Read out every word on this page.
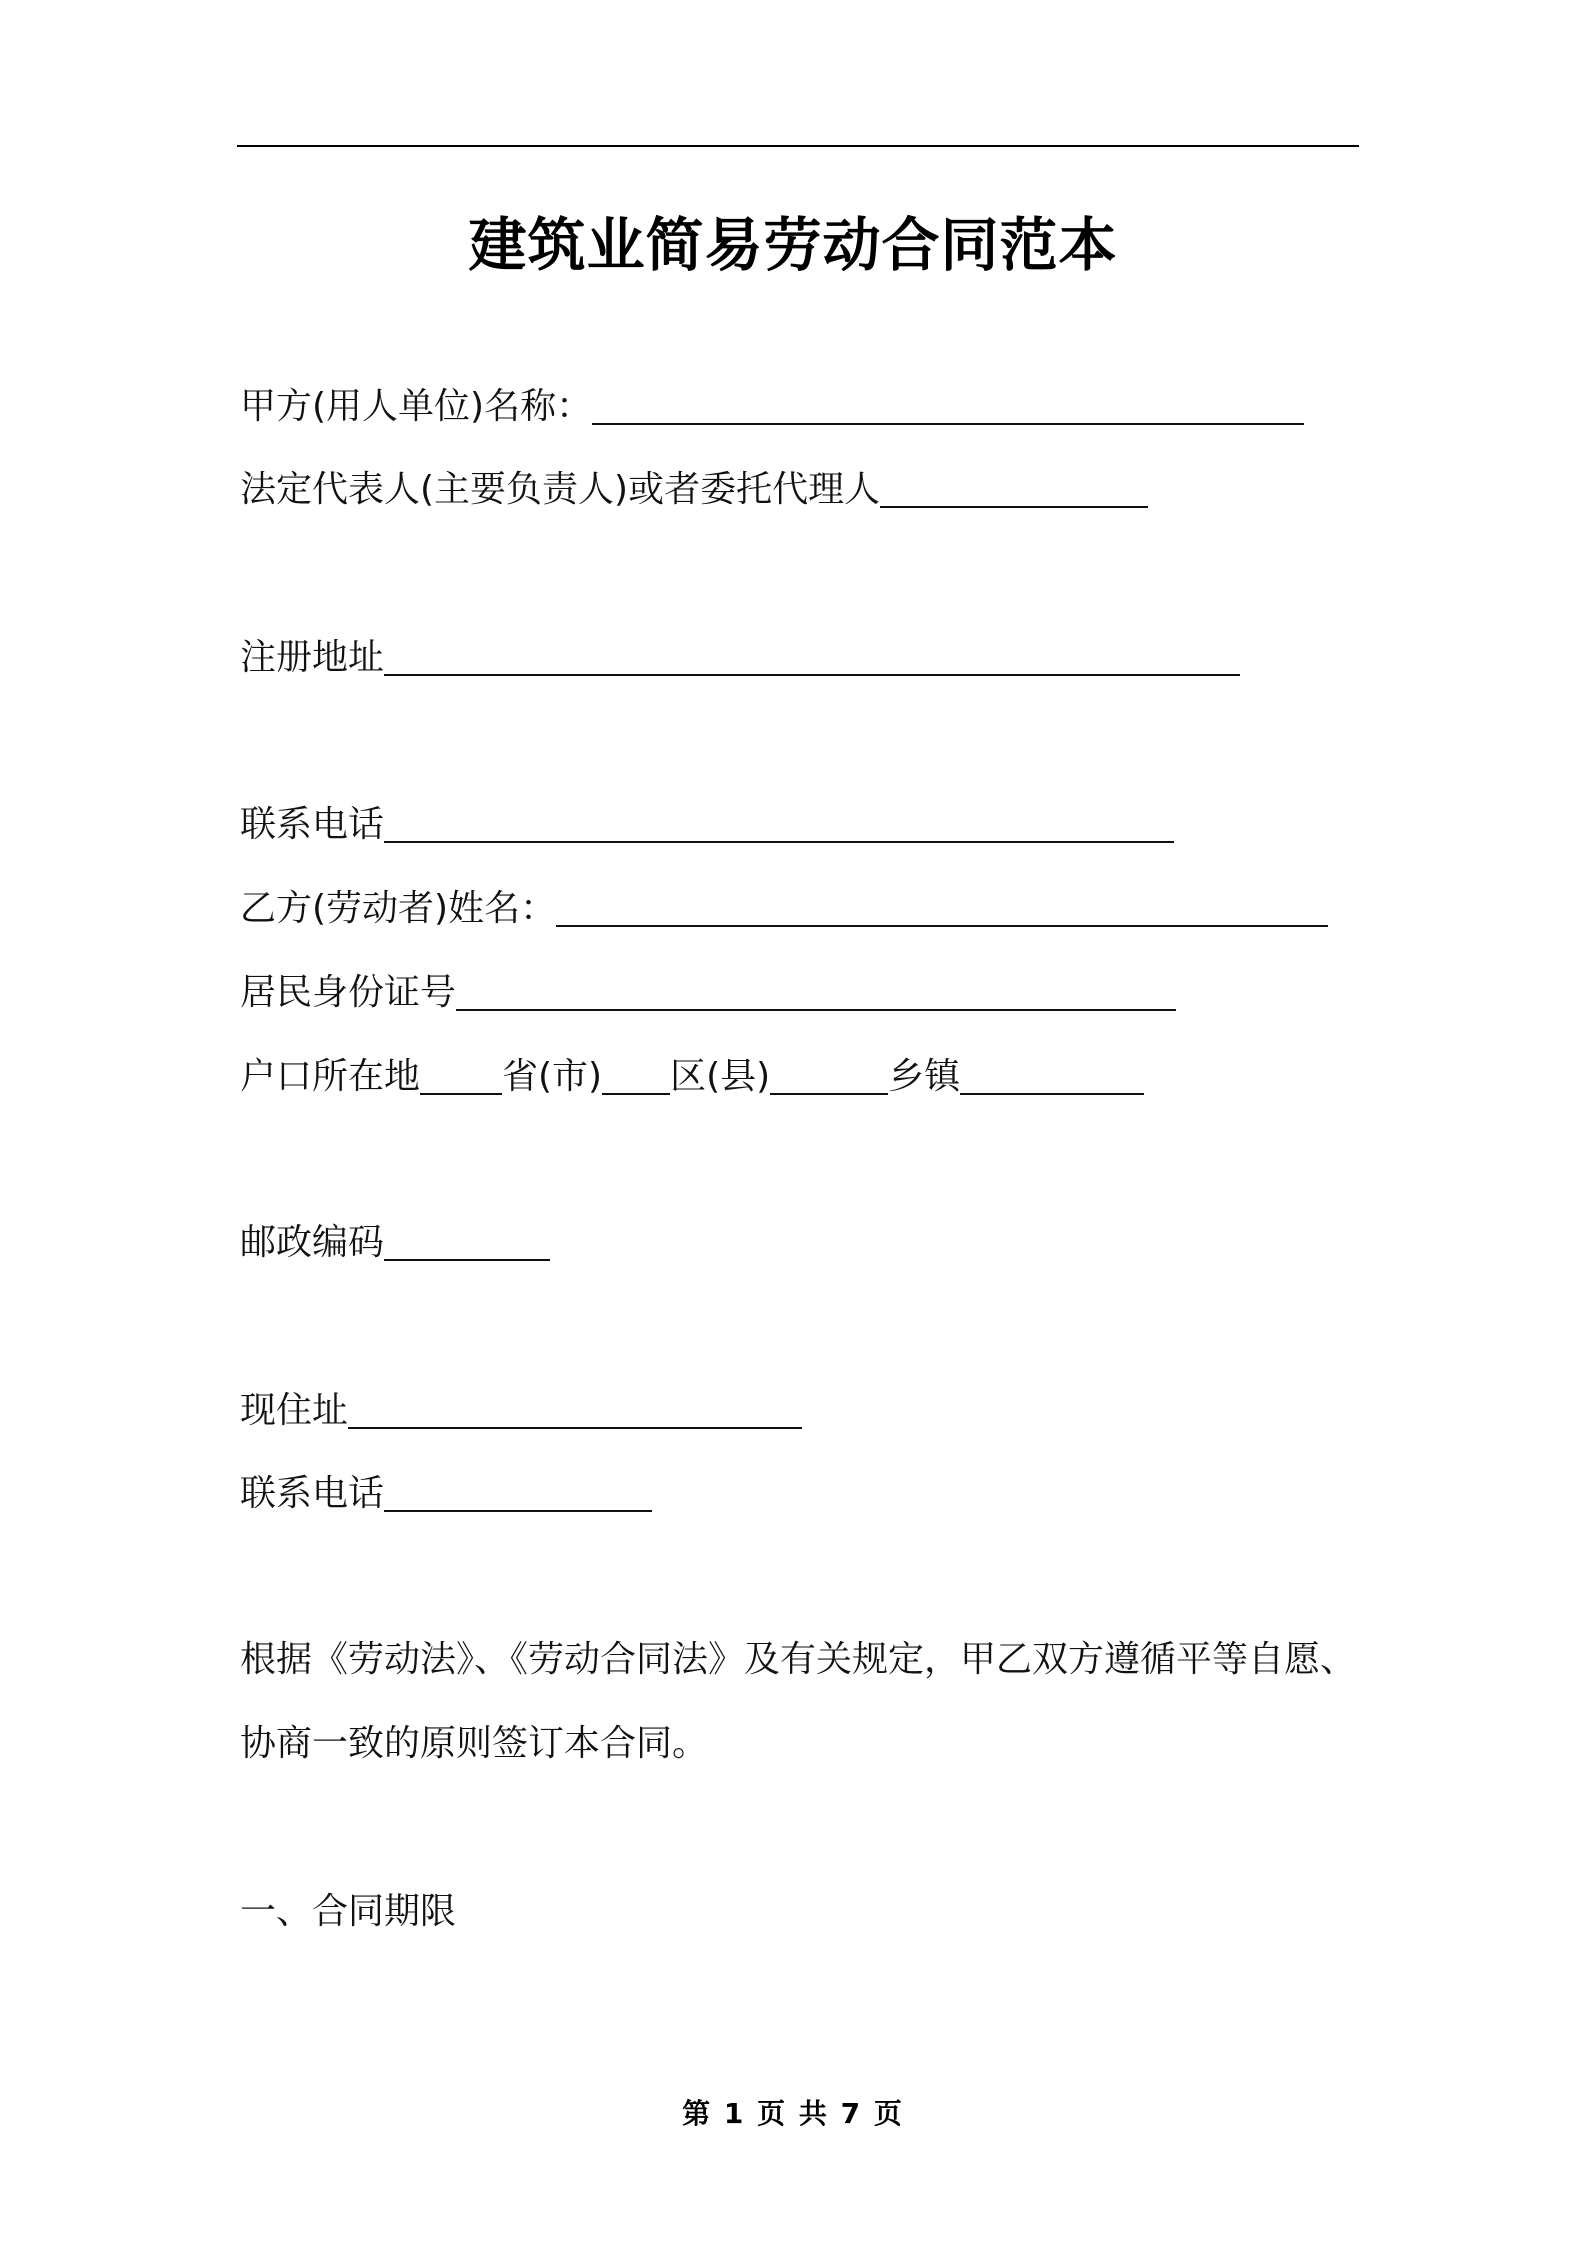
建筑业简易劳动合同范本
甲方(用人单位)名称：
法定代表人(主要负责人)或者委托代理人
注册地址
联系电话
乙方(劳动者)姓名：
居民身份证号
户口所在地 省(市) 区(县)	乡镇
邮政编码
现住址
联系电话
根据《劳动法》、《劳动合同法》及有关规定，甲乙双方遵循平等自愿、协商一致的原则签订本合同。
一、合同期限
第 1 页 共 7 页
